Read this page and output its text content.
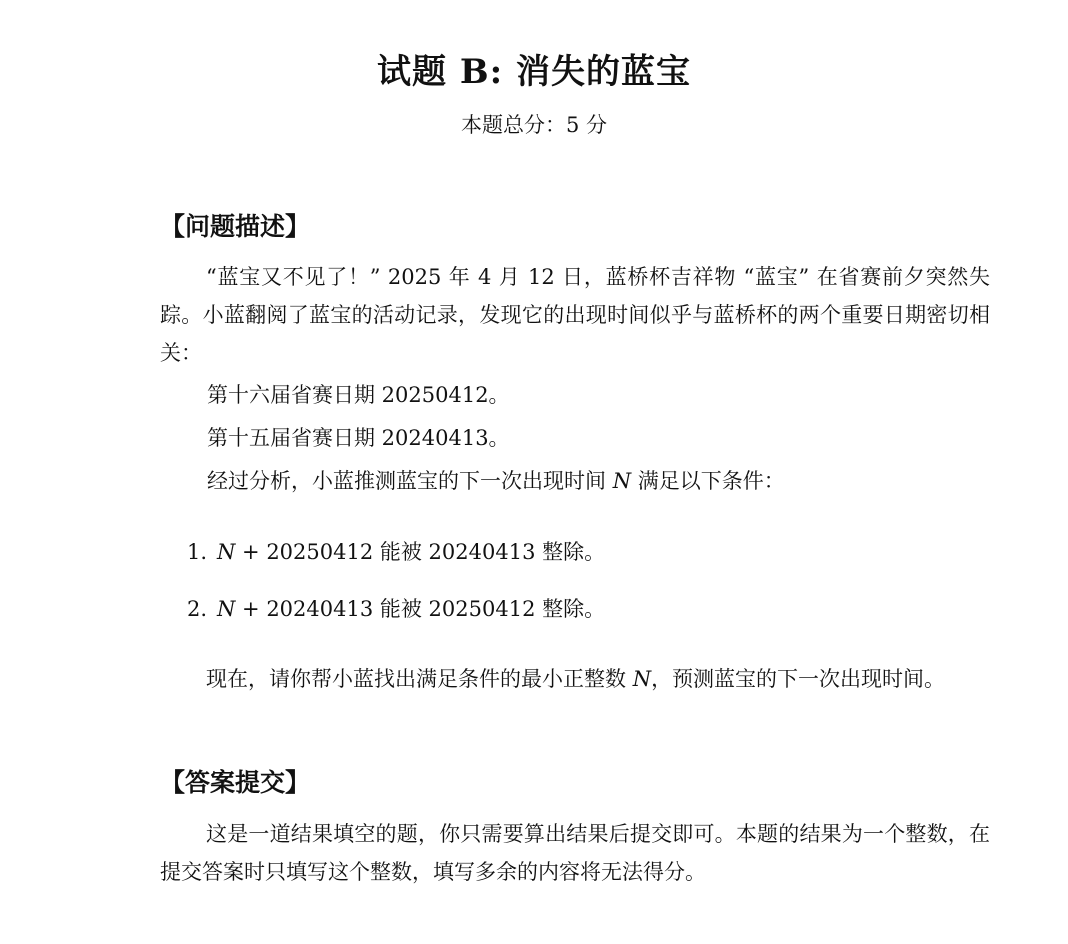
试题 B: 消失的蓝宝
本题总分：5 分
【问题描述】
“蓝宝又不见了！” 2025 年 4 月 12 日，蓝桥杯吉祥物 “蓝宝” 在省赛前夕突然失踪。小蓝翻阅了蓝宝的活动记录，发现它的出现时间似乎与蓝桥杯的两个重要日期密切相关：
第十六届省赛日期 20250412。
第十五届省赛日期 20240413。
经过分析，小蓝推测蓝宝的下一次出现时间 N 满足以下条件：
1. N + 20250412 能被 20240413 整除。
2. N + 20240413 能被 20250412 整除。
现在，请你帮小蓝找出满足条件的最小正整数 N，预测蓝宝的下一次出现时间。
【答案提交】
这是一道结果填空的题，你只需要算出结果后提交即可。本题的结果为一个整数，在提交答案时只填写这个整数，填写多余的内容将无法得分。
